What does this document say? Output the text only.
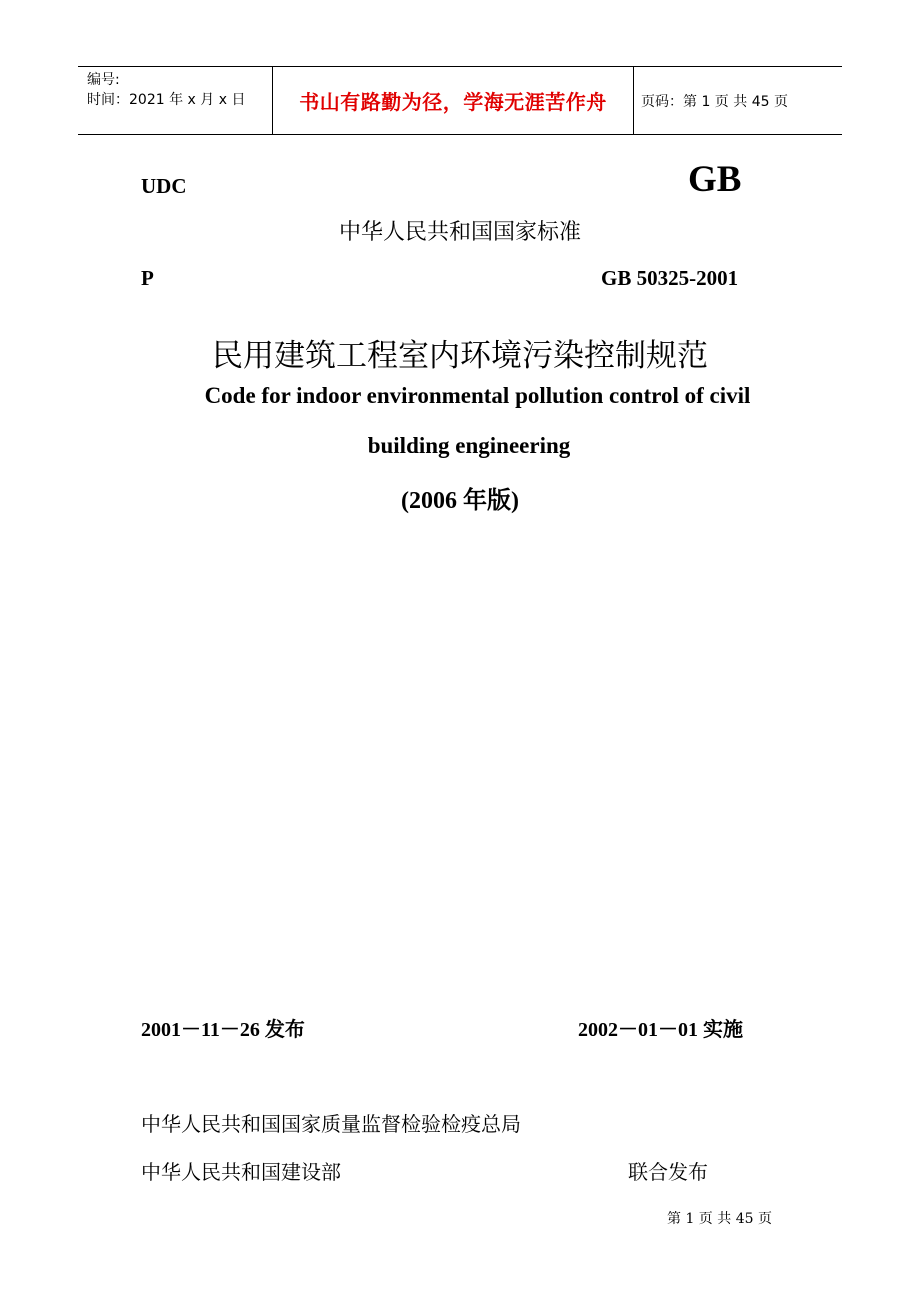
编号:
时间：2021 年 x 月 x 日	书山有路勤为径，学海无涯苦作舟 页码：第 1 页 共 45 页
UDC	GB
中华人民共和国国家标准
P	GB 50325-2001
民用建筑工程室内环境污染控制规范
Code for indoor environmental pollution control of civil
building engineering
(2006 年版)
2001－11－26 发布	2002－01－01 实施
中华人民共和国国家质量监督检验检疫总局
中华人民共和国建设部	联合发布
第 1 页 共 45 页
